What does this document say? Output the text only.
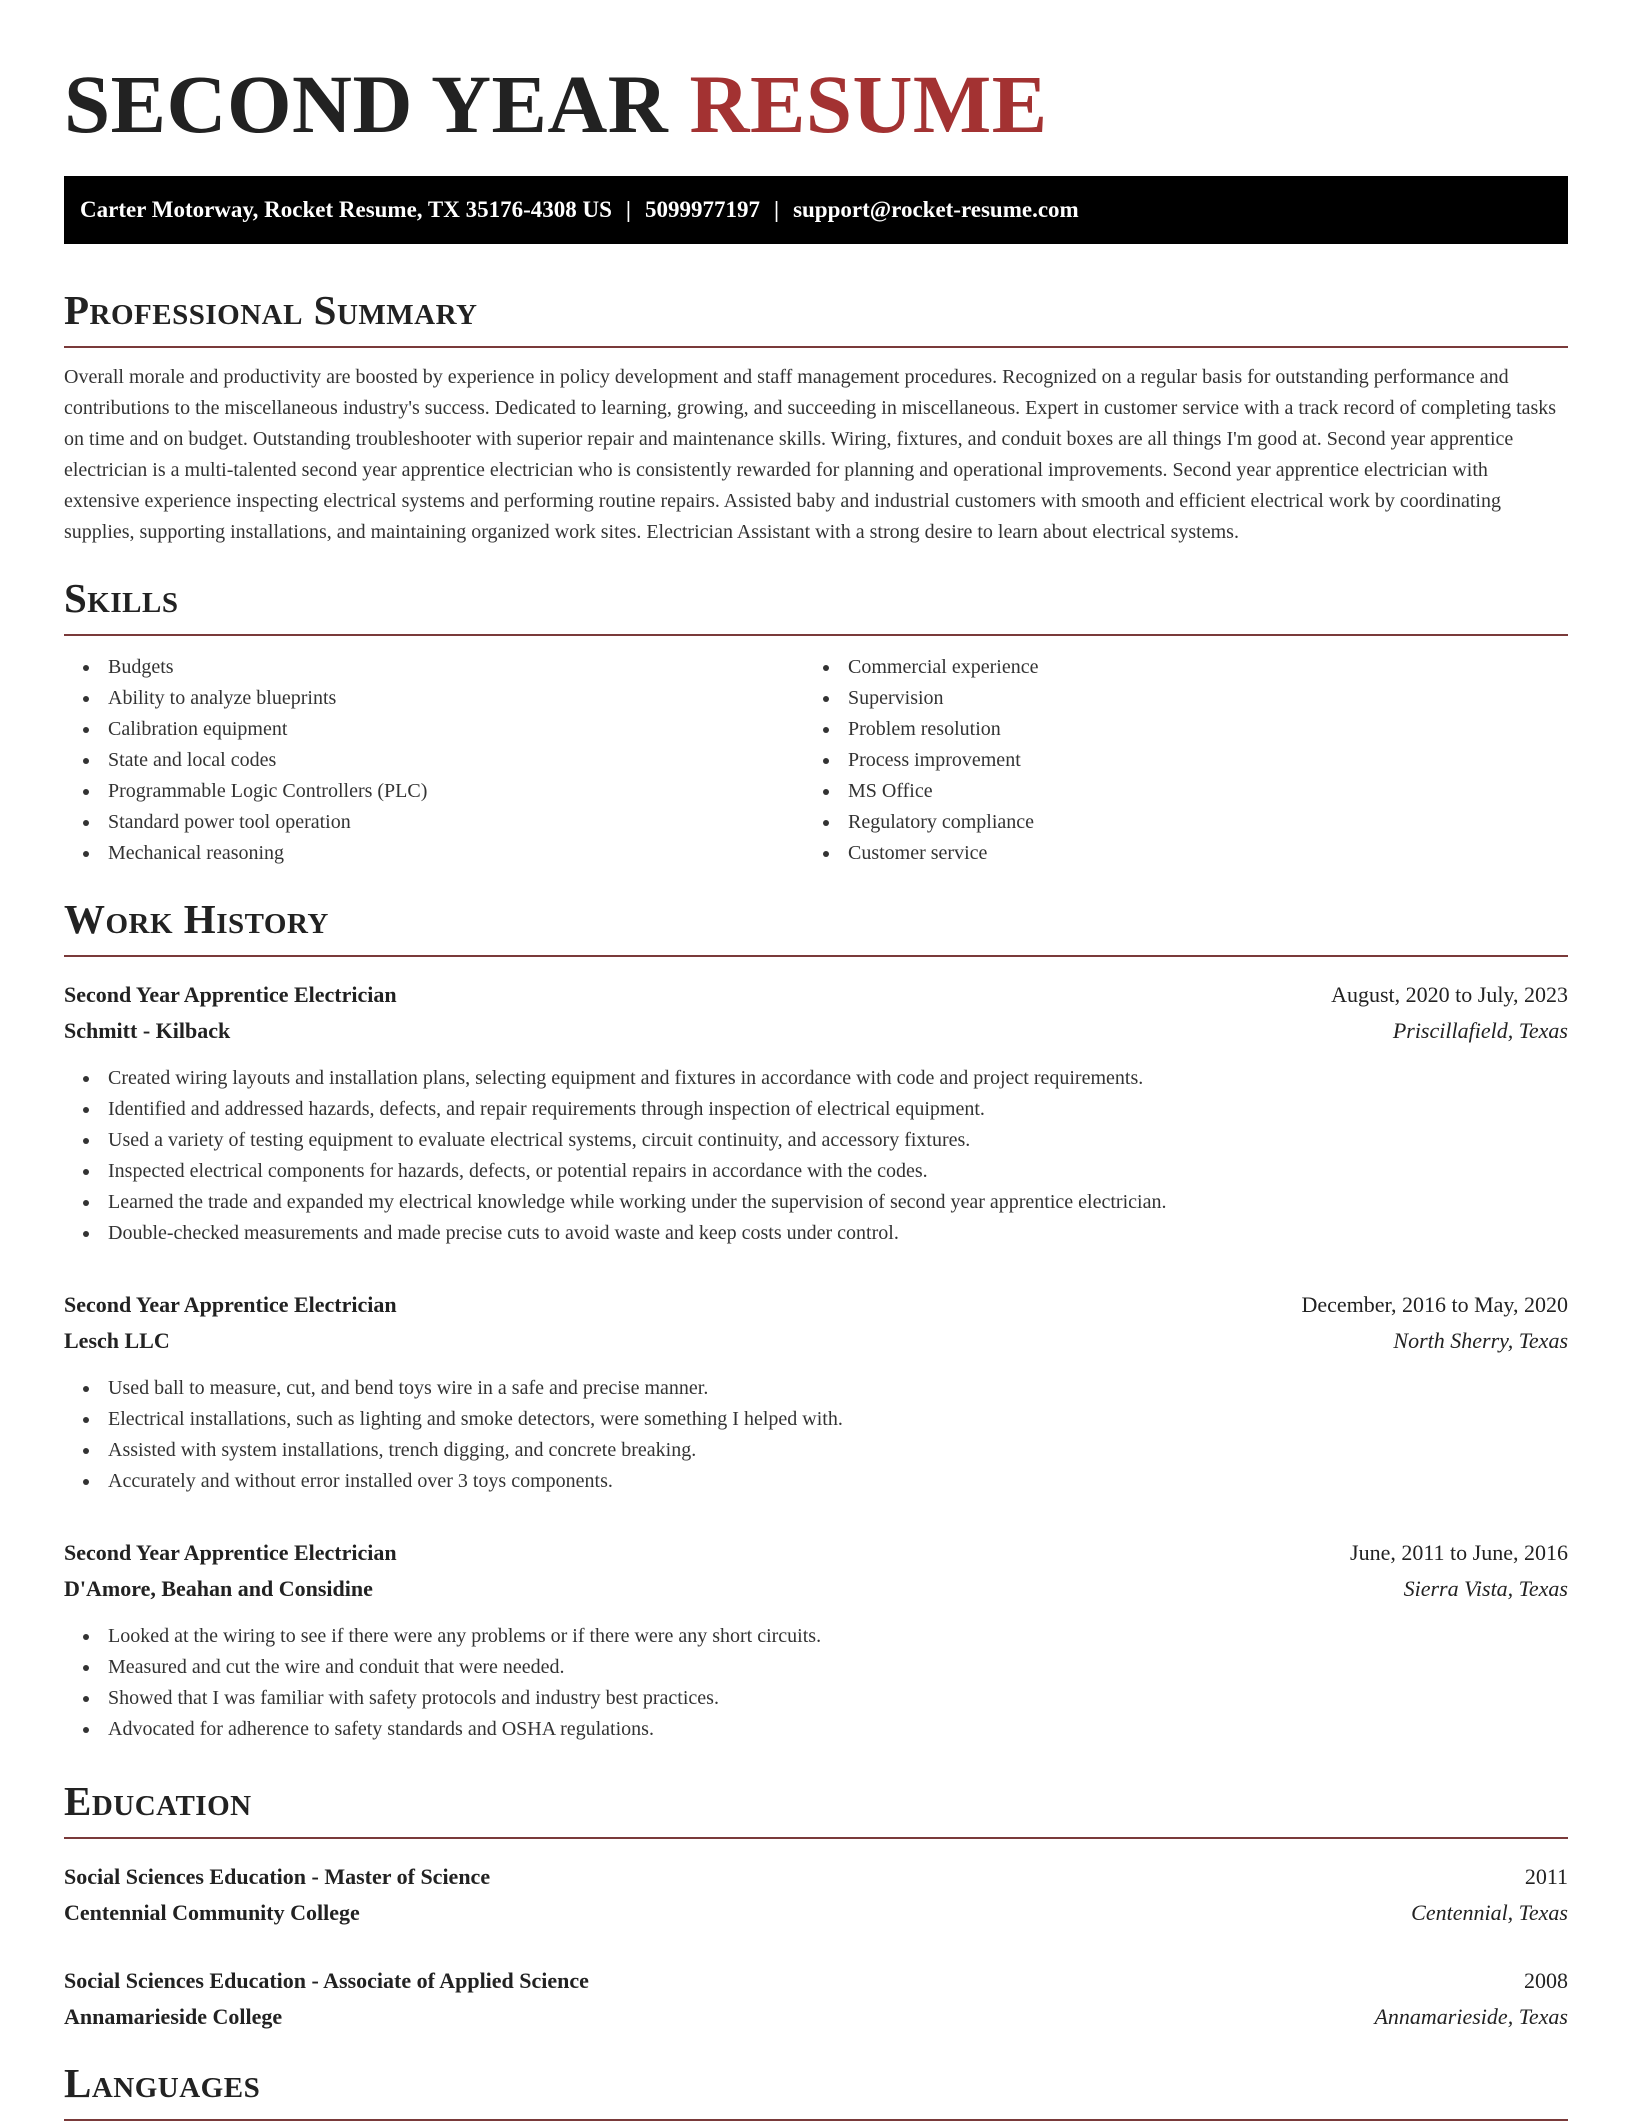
SECOND YEAR RESUME
Carter Motorway, Rocket Resume, TX 35176-4308 US | 5099977197 | support@rocket-resume.com
Professional Summary

Overall morale and productivity are boosted by experience in policy development and staff management procedures. Recognized on a regular basis for outstanding performance and contributions to the miscellaneous industry's success. Dedicated to learning, growing, and succeeding in miscellaneous. Expert in customer service with a track record of completing tasks on time and on budget. Outstanding troubleshooter with superior repair and maintenance skills. Wiring, fixtures, and conduit boxes are all things I'm good at. Second year apprentice electrician is a multi-talented second year apprentice electrician who is consistently rewarded for planning and operational improvements. Second year apprentice electrician with extensive experience inspecting electrical systems and performing routine repairs. Assisted baby and industrial customers with smooth and efficient electrical work by coordinating supplies, supporting installations, and maintaining organized work sites. Electrician Assistant with a strong desire to learn about electrical systems.

Skills
Budgets
Ability to analyze blueprints
Calibration equipment
State and local codes
Programmable Logic Controllers (PLC)
Standard power tool operation
Mechanical reasoning
Commercial experience
Supervision
Problem resolution
Process improvement
MS Office
Regulatory compliance
Customer service
Work History
Second Year Apprentice Electrician	August, 2020 to July, 2023
Schmitt - Kilback	Priscillafield, Texas
Created wiring layouts and installation plans, selecting equipment and fixtures in accordance with code and project requirements.
Identified and addressed hazards, defects, and repair requirements through inspection of electrical equipment.
Used a variety of testing equipment to evaluate electrical systems, circuit continuity, and accessory fixtures.
Inspected electrical components for hazards, defects, or potential repairs in accordance with the codes.
Learned the trade and expanded my electrical knowledge while working under the supervision of second year apprentice electrician.
Double-checked measurements and made precise cuts to avoid waste and keep costs under control.
Second Year Apprentice Electrician	December, 2016 to May, 2020
Lesch LLC	North Sherry, Texas
Used ball to measure, cut, and bend toys wire in a safe and precise manner.
Electrical installations, such as lighting and smoke detectors, were something I helped with.
Assisted with system installations, trench digging, and concrete breaking.
Accurately and without error installed over 3 toys components.
Second Year Apprentice Electrician	June, 2011 to June, 2016
D'Amore, Beahan and Considine	Sierra Vista, Texas
Looked at the wiring to see if there were any problems or if there were any short circuits.
Measured and cut the wire and conduit that were needed.
Showed that I was familiar with safety protocols and industry best practices.
Advocated for adherence to safety standards and OSHA regulations.
Education
Social Sciences Education - Master of Science	2011
Centennial Community College	Centennial, Texas
Social Sciences Education - Associate of Applied Science	2008
Annamarieside College	Annamarieside, Texas
Languages
